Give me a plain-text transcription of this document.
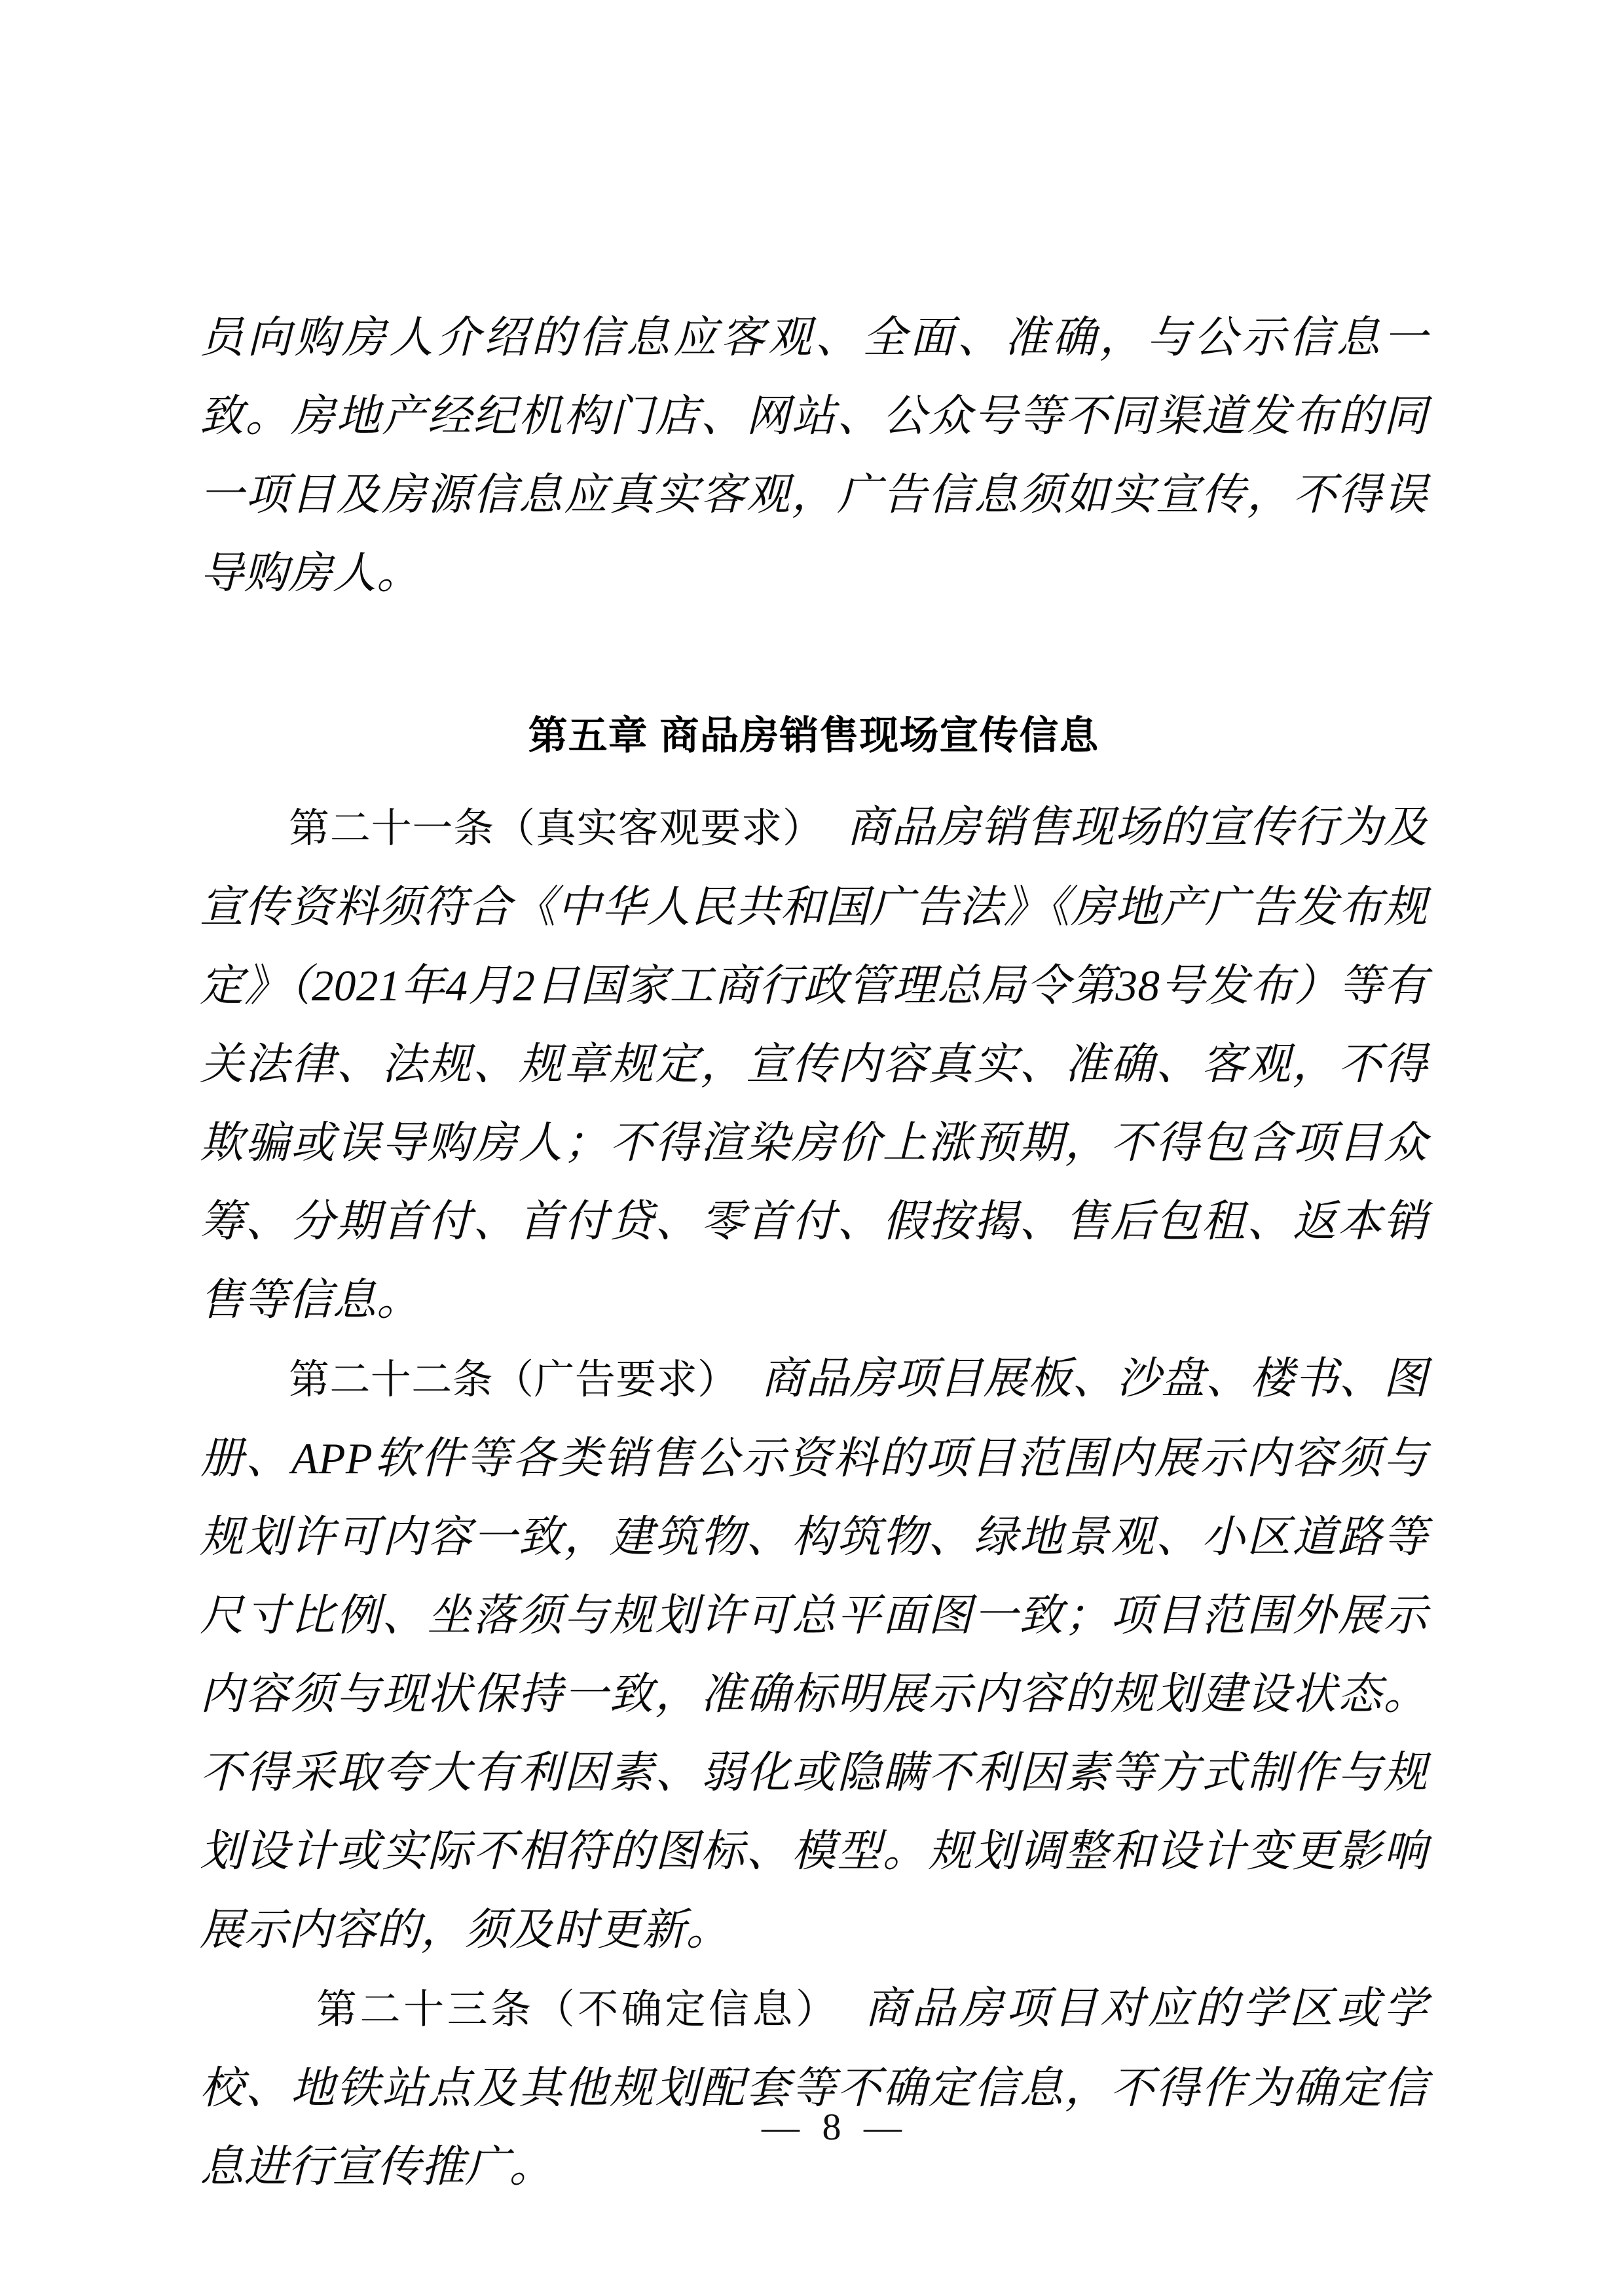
员向购房人介绍的信息应客观、全面、准确，与公示信息一致。房地产经纪机构门店、网站、公众号等不同渠道发布的同一项目及房源信息应真实客观，广告信息须如实宣传，不得误导购房人。

第五章 商品房销售现场宣传信息

第二十一条（真实客观要求） 商品房销售现场的宣传行为及宣传资料须符合《中华人民共和国广告法》《房地产广告发布规定》（2021年4月2日国家工商行政管理总局令第38号发布）等有关法律、法规、规章规定，宣传内容真实、准确、客观，不得欺骗或误导购房人；不得渲染房价上涨预期，不得包含项目众筹、分期首付、首付贷、零首付、假按揭、售后包租、返本销售等信息。

第二十二条（广告要求） 商品房项目展板、沙盘、楼书、图册、APP软件等各类销售公示资料的项目范围内展示内容须与规划许可内容一致，建筑物、构筑物、绿地景观、小区道路等尺寸比例、坐落须与规划许可总平面图一致；项目范围外展示内容须与现状保持一致，准确标明展示内容的规划建设状态。不得采取夸大有利因素、弱化或隐瞒不利因素等方式制作与规划设计或实际不相符的图标、模型。规划调整和设计变更影响展示内容的，须及时更新。

第二十三条（不确定信息） 商品房项目对应的学区或学校、地铁站点及其他规划配套等不确定信息，不得作为确定信息进行宣传推广。

— 8 —
